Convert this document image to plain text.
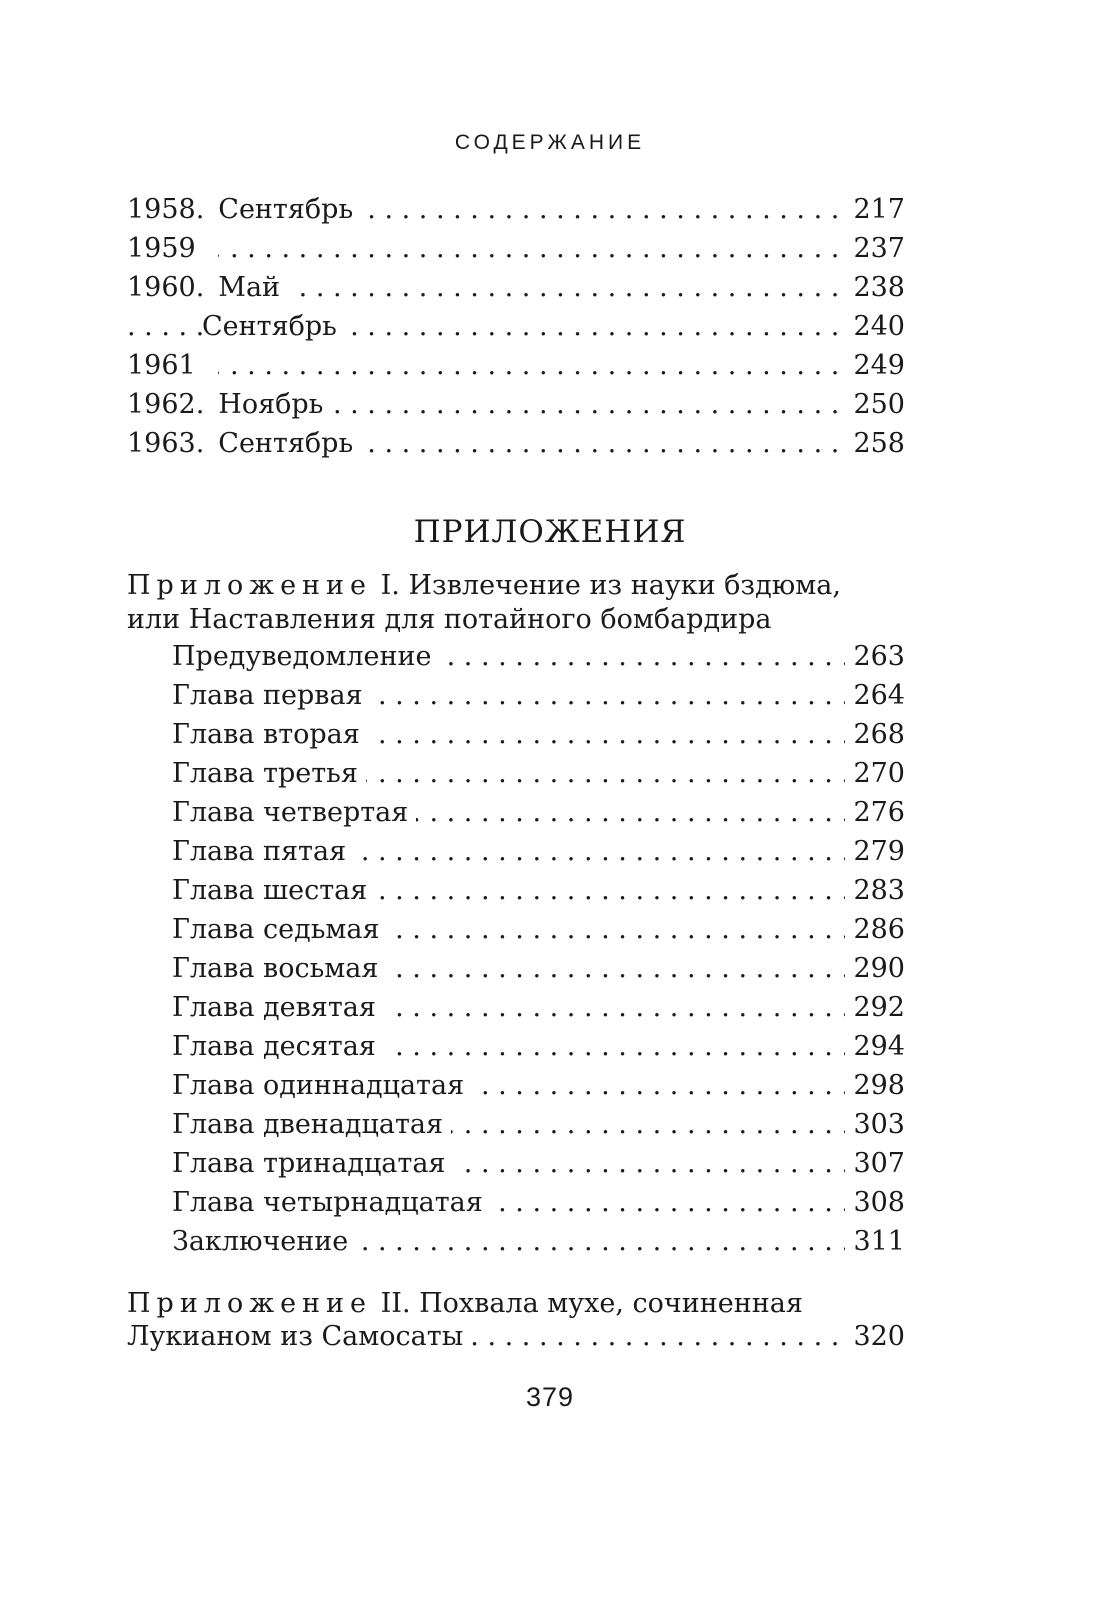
СОДЕРЖАНИЕ
. . .
1958. Сентябрь	217
. . .
1959	237
. . .
1960. Май	238
. . .
Сентябрь	240
. . .
1961	249
. . .
1962. Ноябрь	250
. . .
1963. Сентябрь	258
ПРИЛОЖЕНИЯ
Приложение I. Извлечение из науки бздюма,
или Наставления для потайного бомбардира
. . .
Предуведомление	263
. . .
Глава первая	264
. . .
Глава вторая	268
. . .
Глава третья	270
. . .
Глава четвертая	276
. . .
Глава пятая	279
. . .
Глава шестая	283
. . .
Глава седьмая	286
. . .
Глава восьмая	290
. . .
Глава девятая	292
. . .
Глава десятая	294
. . .
Глава одиннадцатая	298
. . .
Глава двенадцатая	303
. . .
Глава тринадцатая	307
. . .
Глава четырнадцатая	308
. . .
Заключение	311
Приложение II. Похвала мухе, сочиненная
. . .
Лукианом из Самосаты	320
379
